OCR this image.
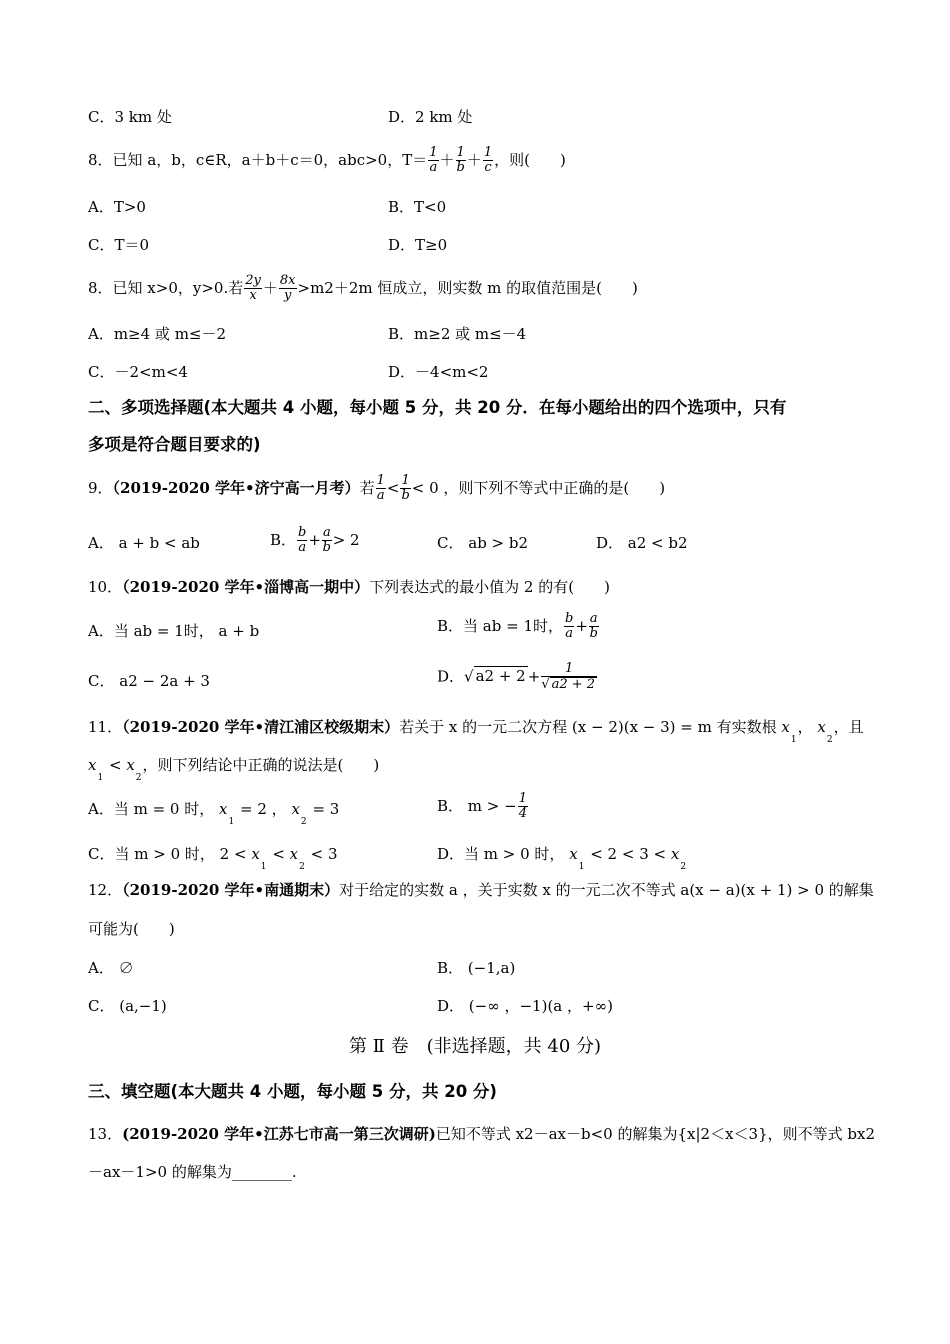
C．3 km 处	D．2 km 处
8．已知 a，b，c∈R，a＋b＋c＝0，abc>0，$T= \frac{1}{a} + \frac{1}{b} + \frac{1}{c}$ ，则(　　)
A．T>0	B．T<0
C．T＝0	D．T≥0
8．已知 x>0，y>0.若 $\frac{2y}{x} + \frac{8x}{y} >m2+2m$ 恒成立，则实数 m 的取值范围是(　　)
A．m≥4 或 m≤－2	B．m≥2 或 m≤－4
C．－2<m<4	D．－4<m<2
二、多项选择题(本大题共 4 小题，每小题 5 分，共 20 分．在每小题给出的四个选项中，只有
多项是符合题目要求的)
9．（2019-2020 学年•济宁高一月考）若 $\frac{1}{a} < \frac{1}{b} < 0$ ，则下列不等式中正确的是(　　)
A． a + b < ab	B． $\frac{b}{a} + \frac{a}{b} > 2$	C． ab > b2	D． a2 < b2
10．（2019-2020 学年•淄博高一期中）下列表达式的最小值为 2 的有(　　)
A．当 ab = 1时， a + b	B．当 ab = 1时， $\frac{b}{a} + \frac{a}{b}$
C． a2 − 2a + 3	D．√ $a2 + 2 + \frac{1}{√ a2 + 2}$
11．（2019-2020 学年•清江浦区校级期末）若关于 x 的一元二次方程 (x − 2)(x − 3) = m 有实数根 $x_1$， $x_2$，且
$x_1 < x_2$，则下列结论中正确的说法是(　　)
A．当 m = 0 时， $x_1 = 2$ ， $x_2 = 3$	B． m > − $\frac{1}{4}$
C．当 m > 0 时， $2 < x_1 < x_2 < 3$	D．当 m > 0 时， $x_1 < 2 < 3 < x_2$
12．（2019-2020 学年•南通期末）对于给定的实数 a ，关于实数 x 的一元二次不等式 a(x − a)(x + 1) > 0 的解集
可能为(　　)
A． ∅	B． (−1,a)
C． (a,−1)	D． (−∞ ，−1)(a ，+∞)
第 Ⅱ 卷　(非选择题，共 40 分)
三、填空题(本大题共 4 小题，每小题 5 分，共 20 分)
13．(2019-2020 学年•江苏七市高一第三次调研)已知不等式 x2－ax－b<0 的解集为{x|2＜x＜3}，则不等式 bx2
－ax－1>0 的解集为________.
